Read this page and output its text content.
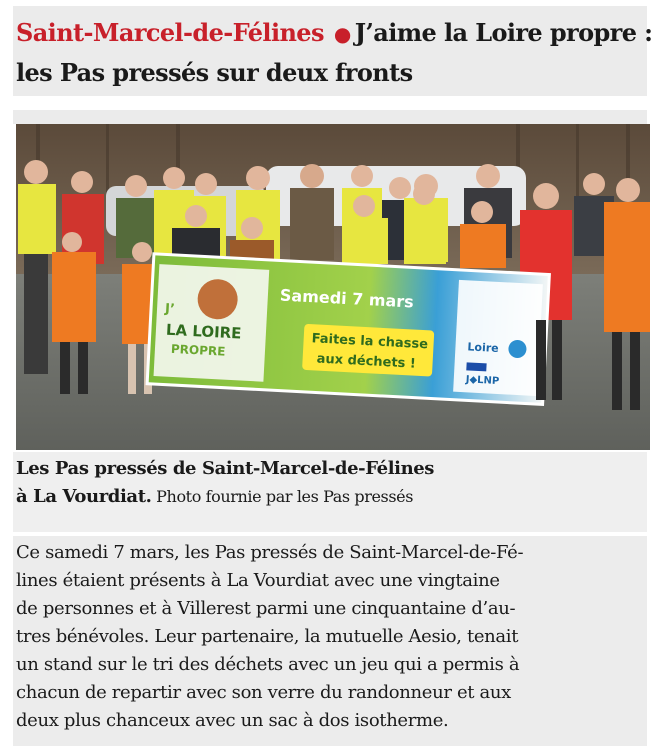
Saint-Marcel-de-Félines ● J’aime la Loire propre :
les Pas pressés sur deux fronts
J’
LA LOIRE
PROPRE
Samedi 7 mars
Faites la chasse
aux déchets !
Loire
J◆LNP
Les Pas pressés de Saint-Marcel-de-Félines
à La Vourdiat. Photo fournie par les Pas pressés
Ce samedi 7 mars, les Pas pressés de Saint-Marcel-de-Fé-
lines étaient présents à La Vourdiat avec une vingtaine
de personnes et à Villerest parmi une cinquantaine d’au-
tres bénévoles. Leur partenaire, la mutuelle Aesio, tenait
un stand sur le tri des déchets avec un jeu qui a permis à
chacun de repartir avec son verre du randonneur et aux
deux plus chanceux avec un sac à dos isotherme.
